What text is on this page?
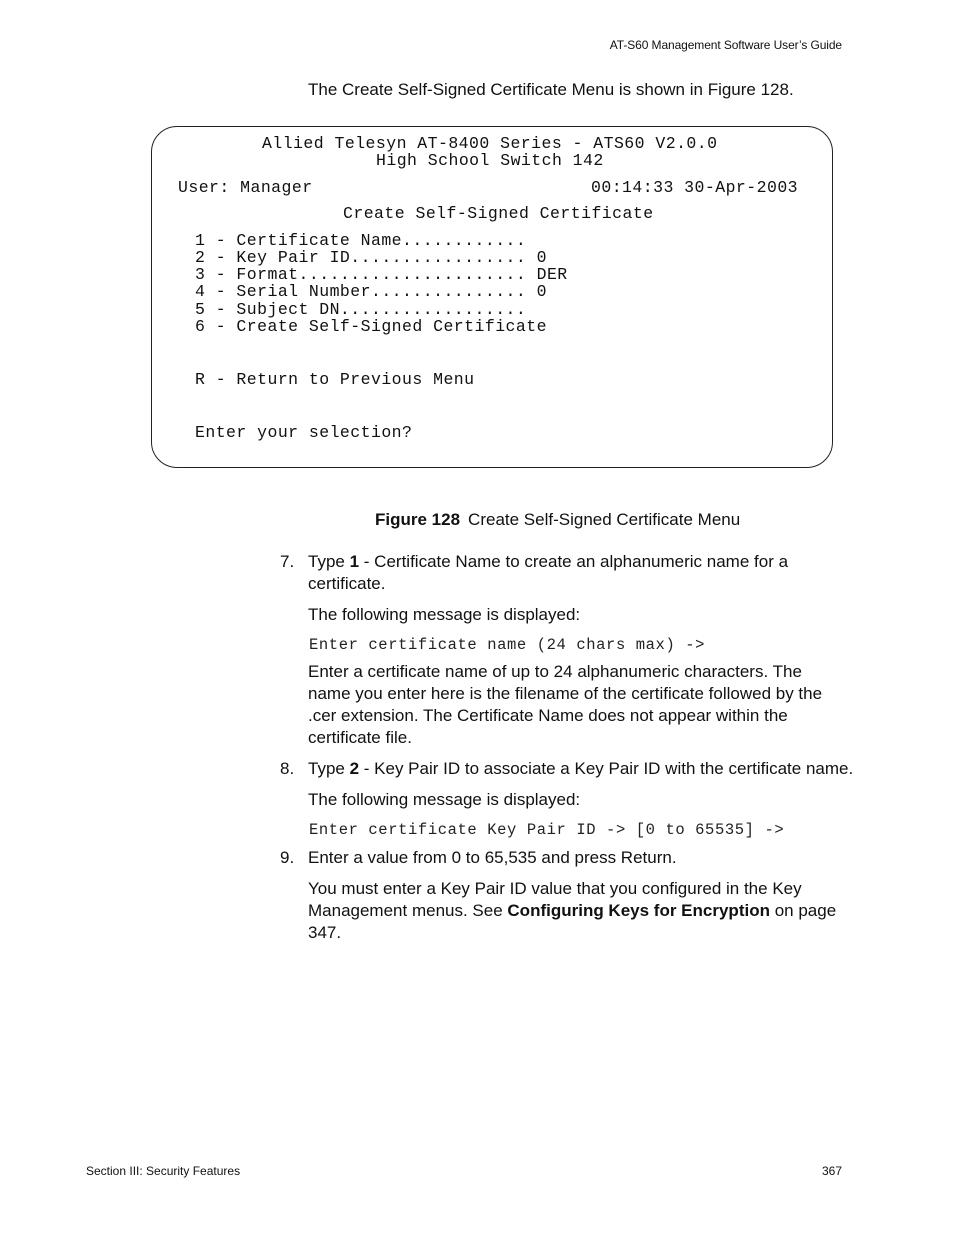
AT-S60 Management Software User’s Guide
The Create Self-Signed Certificate Menu is shown in Figure 128.
Allied Telesyn AT-8400 Series - ATS60 V2.0.0
High School Switch 142
User: Manager	00:14:33 30-Apr-2003
Create Self-Signed Certificate
1 - Certificate Name............
2 - Key Pair ID................. 0
3 - Format...................... DER
4 - Serial Number............... 0
5 - Subject DN..................
6 - Create Self-Signed Certificate
R - Return to Previous Menu
Enter your selection?
Figure 128 Create Self-Signed Certificate Menu
7. Type 1 - Certificate Name to create an alphanumeric name for a certificate.
The following message is displayed:
Enter certificate name (24 chars max) ->
Enter a certificate name of up to 24 alphanumeric characters. The name you enter here is the filename of the certificate followed by the .cer extension. The Certificate Name does not appear within the certificate file.
8. Type 2 - Key Pair ID to associate a Key Pair ID with the certificate name.
The following message is displayed:
Enter certificate Key Pair ID -> [0 to 65535] ->
9. Enter a value from 0 to 65,535 and press Return.
You must enter a Key Pair ID value that you configured in the Key Management menus. See Configuring Keys for Encryption on page 347.
Section III: Security Features	367
